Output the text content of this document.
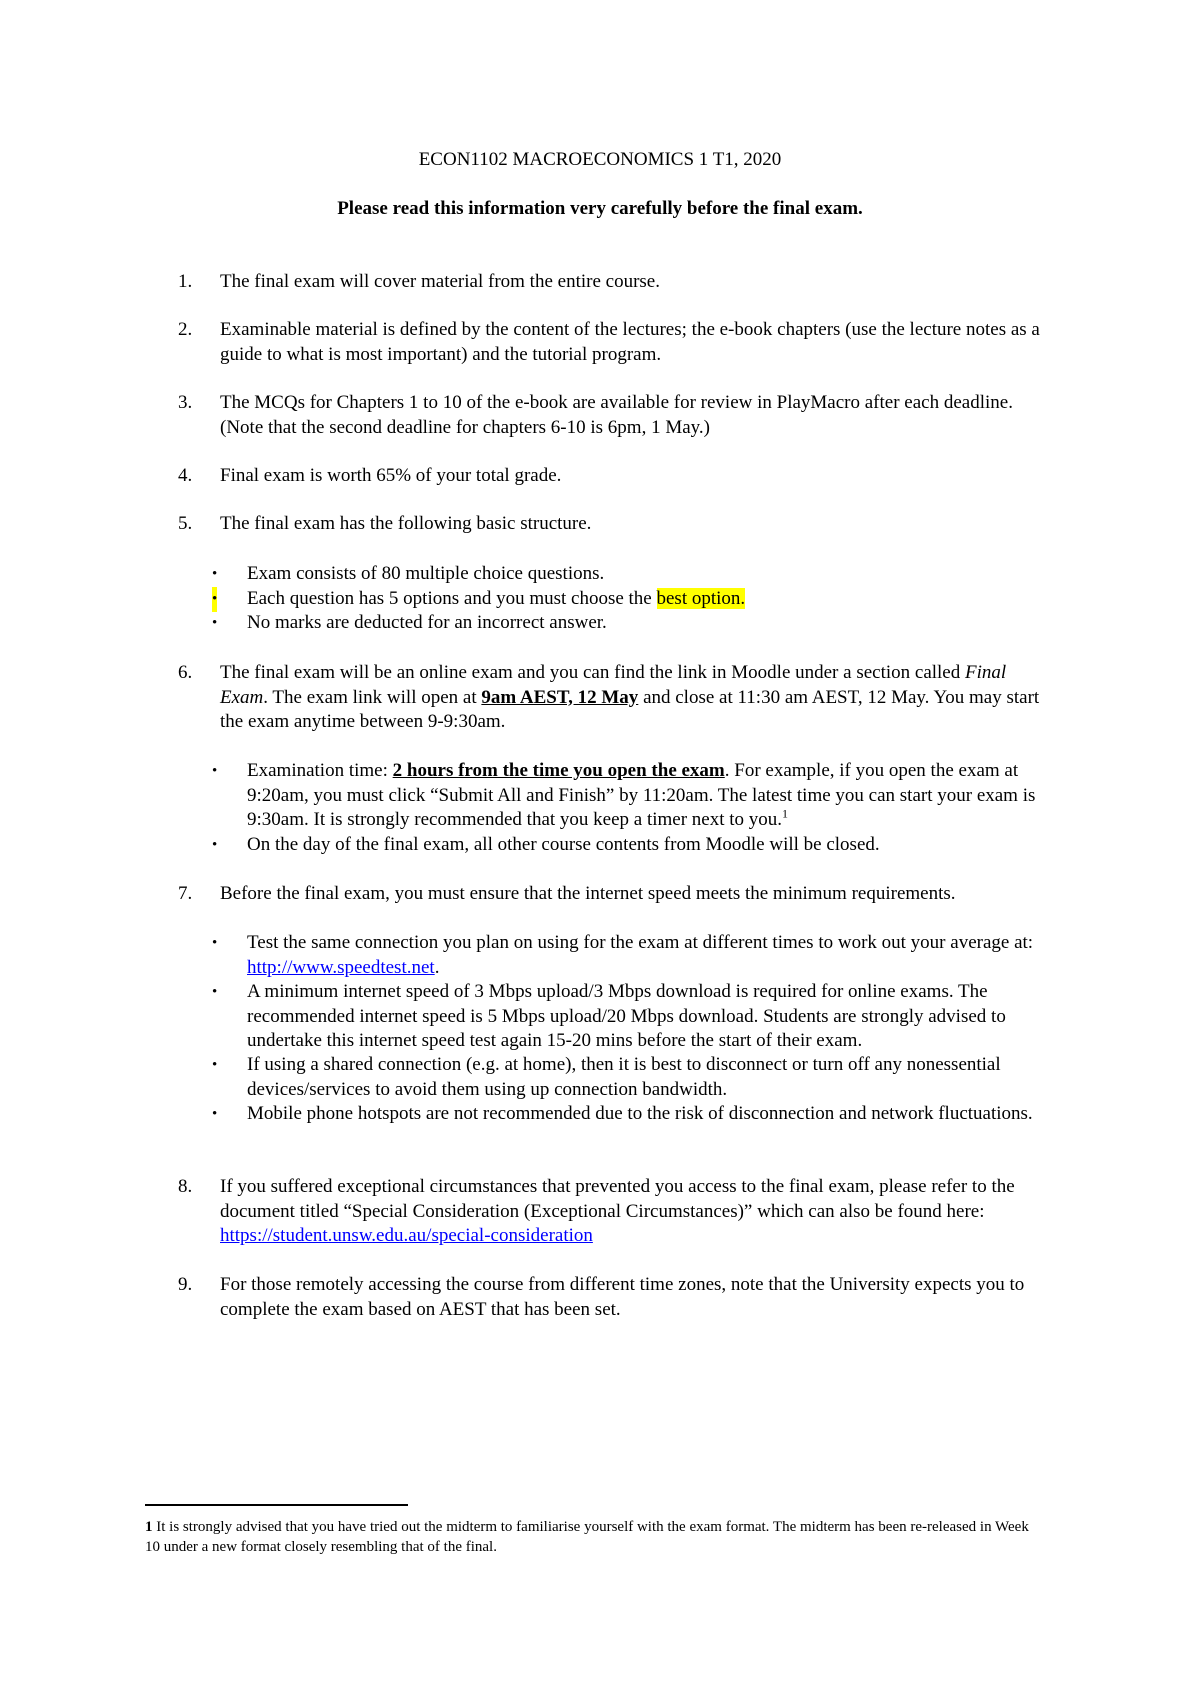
ECON1102 MACROECONOMICS 1 T1, 2020
Please read this information very carefully before the final exam.
1. The final exam will cover material from the entire course.
2. Examinable material is defined by the content of the lectures; the e-book chapters (use the lecture notes as a guide to what is most important) and the tutorial program.
3. The MCQs for Chapters 1 to 10 of the e-book are available for review in PlayMacro after each deadline. (Note that the second deadline for chapters 6-10 is 6pm, 1 May.)
4. Final exam is worth 65% of your total grade.
5. The final exam has the following basic structure.
• Exam consists of 80 multiple choice questions.
• Each question has 5 options and you must choose the best option.
• No marks are deducted for an incorrect answer.
6. The final exam will be an online exam and you can find the link in Moodle under a section called Final Exam. The exam link will open at 9am AEST, 12 May and close at 11:30 am AEST, 12 May. You may start the exam anytime between 9-9:30am.
• Examination time: 2 hours from the time you open the exam. For example, if you open the exam at 9:20am, you must click “Submit All and Finish” by 11:20am. The latest time you can start your exam is 9:30am. It is strongly recommended that you keep a timer next to you.$^1$
• On the day of the final exam, all other course contents from Moodle will be closed.
7. Before the final exam, you must ensure that the internet speed meets the minimum requirements.
• Test the same connection you plan on using for the exam at different times to work out your average at: http://www.speedtest.net.
• A minimum internet speed of 3 Mbps upload/3 Mbps download is required for online exams. The recommended internet speed is 5 Mbps upload/20 Mbps download. Students are strongly advised to undertake this internet speed test again 15-20 mins before the start of their exam.
• If using a shared connection (e.g. at home), then it is best to disconnect or turn off any nonessential devices/services to avoid them using up connection bandwidth.
• Mobile phone hotspots are not recommended due to the risk of disconnection and network fluctuations.
8. If you suffered exceptional circumstances that prevented you access to the final exam, please refer to the document titled “Special Consideration (Exceptional Circumstances)” which can also be found here: https://student.unsw.edu.au/special-consideration
9. For those remotely accessing the course from different time zones, note that the University expects you to complete the exam based on AEST that has been set.
1 It is strongly advised that you have tried out the midterm to familiarise yourself with the exam format. The midterm has been re-released in Week 10 under a new format closely resembling that of the final.
